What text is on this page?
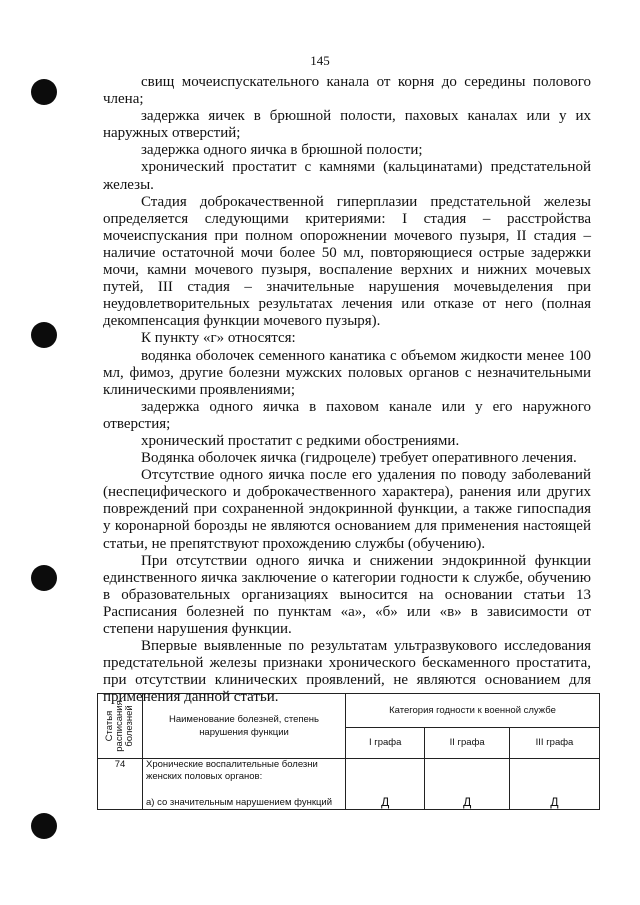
145

свищ мочеиспускательного канала от корня до середины полового члена;

задержка яичек в брюшной полости, паховых каналах или у их наружных отверстий;

задержка одного яичка в брюшной полости;

хронический простатит с камнями (кальцинатами) предстательной железы.

Стадия доброкачественной гиперплазии предстательной железы определяется следующими критериями: I стадия – расстройства мочеиспускания при полном опорожнении мочевого пузыря, II стадия – наличие остаточной мочи более 50 мл, повторяющиеся острые задержки мочи, камни мочевого пузыря, воспаление верхних и нижних мочевых путей, III стадия – значительные нарушения мочевыделения при неудовлетворительных результатах лечения или отказе от него (полная декомпенсация функции мочевого пузыря).

К пункту «г» относятся:

водянка оболочек семенного канатика с объемом жидкости менее 100 мл, фимоз, другие болезни мужских половых органов с незначительными клиническими проявлениями;

задержка одного яичка в паховом канале или у его наружного отверстия;

хронический простатит с редкими обострениями.

Водянка оболочек яичка (гидроцеле) требует оперативного лечения.

Отсутствие одного яичка после его удаления по поводу заболеваний (неспецифического и доброкачественного характера), ранения или других повреждений при сохраненной эндокринной функции, а также гипоспадия у коронарной борозды не являются основанием для применения настоящей статьи, не препятствуют прохождению службы (обучению).

При отсутствии одного яичка и снижении эндокринной функции единственного яичка заключение о категории годности к службе, обучению в образовательных организациях выносится на основании статьи 13 Расписания болезней по пунктам «а», «б» или «в» в зависимости от степени нарушения функции.

Впервые выявленные по результатам ультразвукового исследования предстательной железы признаки хронического бескаменного простатита, при отсутствии клинических проявлений, не являются основанием для применения данной статьи.

Статья
расписания
болезней	Наименование болезней, степень нарушения функции	Категория годности к военной службе		
		I графа	II графа	III графа
74	Хронические воспалительные болезни женских половых органов:
а) со значительным нарушением функций	Д	Д	Д
